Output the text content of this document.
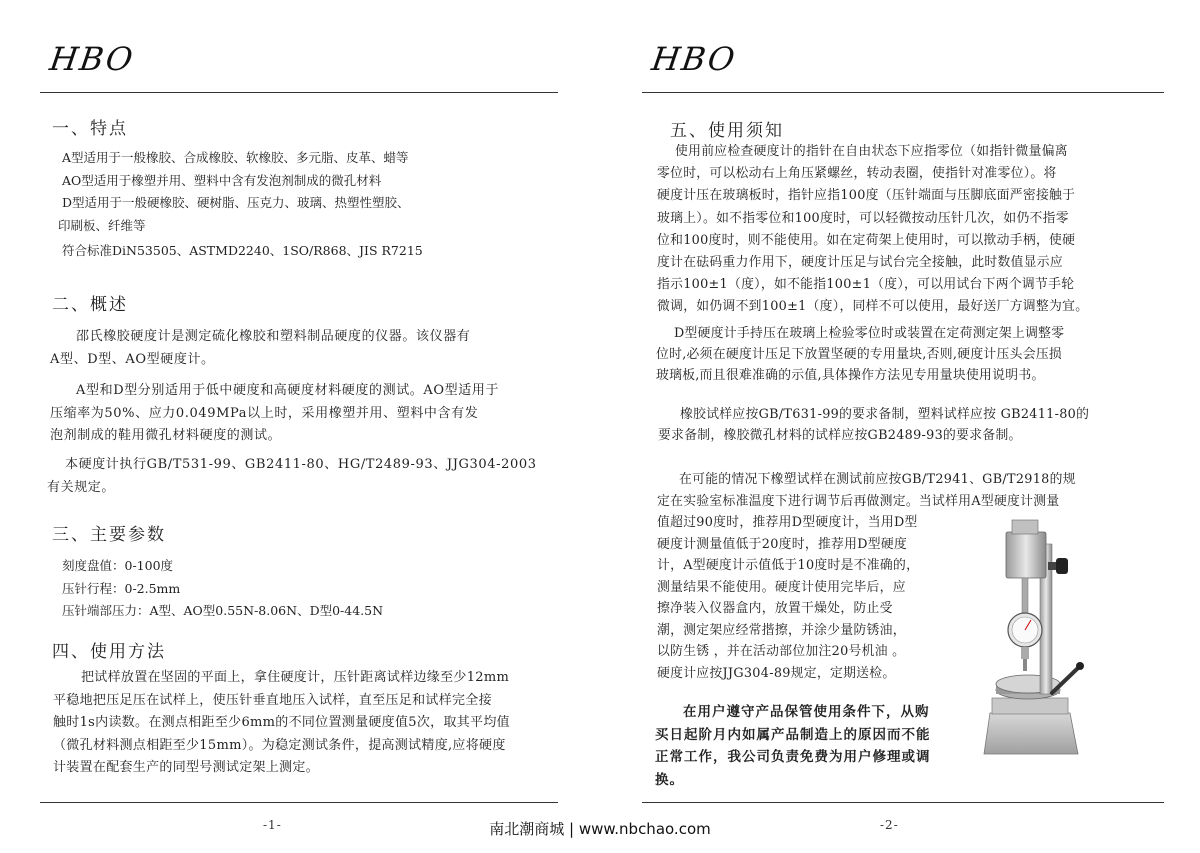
HBO
一、特点
A型适用于一般橡胶、合成橡胶、软橡胶、多元脂、皮革、蜡等
AO型适用于橡塑并用、塑料中含有发泡剂制成的微孔材料
D型适用于一般硬橡胶、硬树脂、压克力、玻璃、热塑性塑胶、
印刷板、纤维等
符合标准DiN53505、ASTMD2240、1SO/R868、JIS R7215
二、概述
邵氏橡胶硬度计是测定硫化橡胶和塑料制品硬度的仪器。该仪器有
A型、D型、AO型硬度计。
A型和D型分别适用于低中硬度和高硬度材料硬度的测试。AO型适用于
压缩率为50%、应力0.049MPa以上时，采用橡塑并用、塑料中含有发
泡剂制成的鞋用微孔材料硬度的测试。
本硬度计执行GB/T531-99、GB2411-80、HG/T2489-93、JJG304-2003
有关规定。
三、主要参数
刻度盘值：0-100度
压针行程：0-2.5mm
压针端部压力：A型、AO型0.55N-8.06N、D型0-44.5N
四、使用方法
把试样放置在坚固的平面上，拿住硬度计，压针距离试样边缘至少12mm
平稳地把压足压在试样上，使压针垂直地压入试样，直至压足和试样完全接
触时1s内读数。在测点相距至少6mm的不同位置测量硬度值5次，取其平均值
（微孔材料测点相距至少15mm）。为稳定测试条件，提高测试精度,应将硬度
计装置在配套生产的同型号测试定架上测定。
-1-
HBO
五、使用须知
使用前应检查硬度计的指针在自由状态下应指零位（如指针微量偏离
零位时，可以松动右上角压紧螺丝，转动表圈，使指针对准零位）。将
硬度计压在玻璃板时，指针应指100度（压针端面与压脚底面严密接触于
玻璃上）。如不指零位和100度时，可以轻微按动压针几次，如仍不指零
位和100度时，则不能使用。如在定荷架上使用时，可以揿动手柄，使硬
度计在砝码重力作用下，硬度计压足与试台完全接触，此时数值显示应
指示100±1（度），如不能指100±1（度），可以用试台下两个调节手轮
微调，如仍调不到100±1（度），同样不可以使用，最好送厂方调整为宜。
D型硬度计手持压在玻璃上检验零位时或装置在定荷测定架上调整零
位时,必须在硬度计压足下放置坚硬的专用量块,否则,硬度计压头会压损
玻璃板,而且很难准确的示值,具体操作方法见专用量块使用说明书。
橡胶试样应按GB/T631-99的要求备制，塑料试样应按 GB2411-80的
要求备制，橡胶微孔材料的试样应按GB2489-93的要求备制。
在可能的情况下橡塑试样在测试前应按GB/T2941、GB/T2918的规
定在实验室标准温度下进行调节后再做测定。当试样用A型硬度计测量
值超过90度时，推荐用D型硬度计，当用D型
硬度计测量值低于20度时，推荐用D型硬度
计，A型硬度计示值低于10度时是不准确的，
测量结果不能使用。硬度计使用完毕后，应
擦净装入仪器盒内，放置干燥处，防止受
潮，测定架应经常揩擦，并涂少量防锈油，
以防生锈 ，并在活动部位加注20号机油 。
硬度计应按JJG304-89规定，定期送检。
在用户遵守产品保管使用条件下，从购
买日起阶月内如属产品制造上的原因而不能
正常工作，我公司负责免费为用户修理或调
换。
-2-
南北潮商城 | www.nbchao.com
